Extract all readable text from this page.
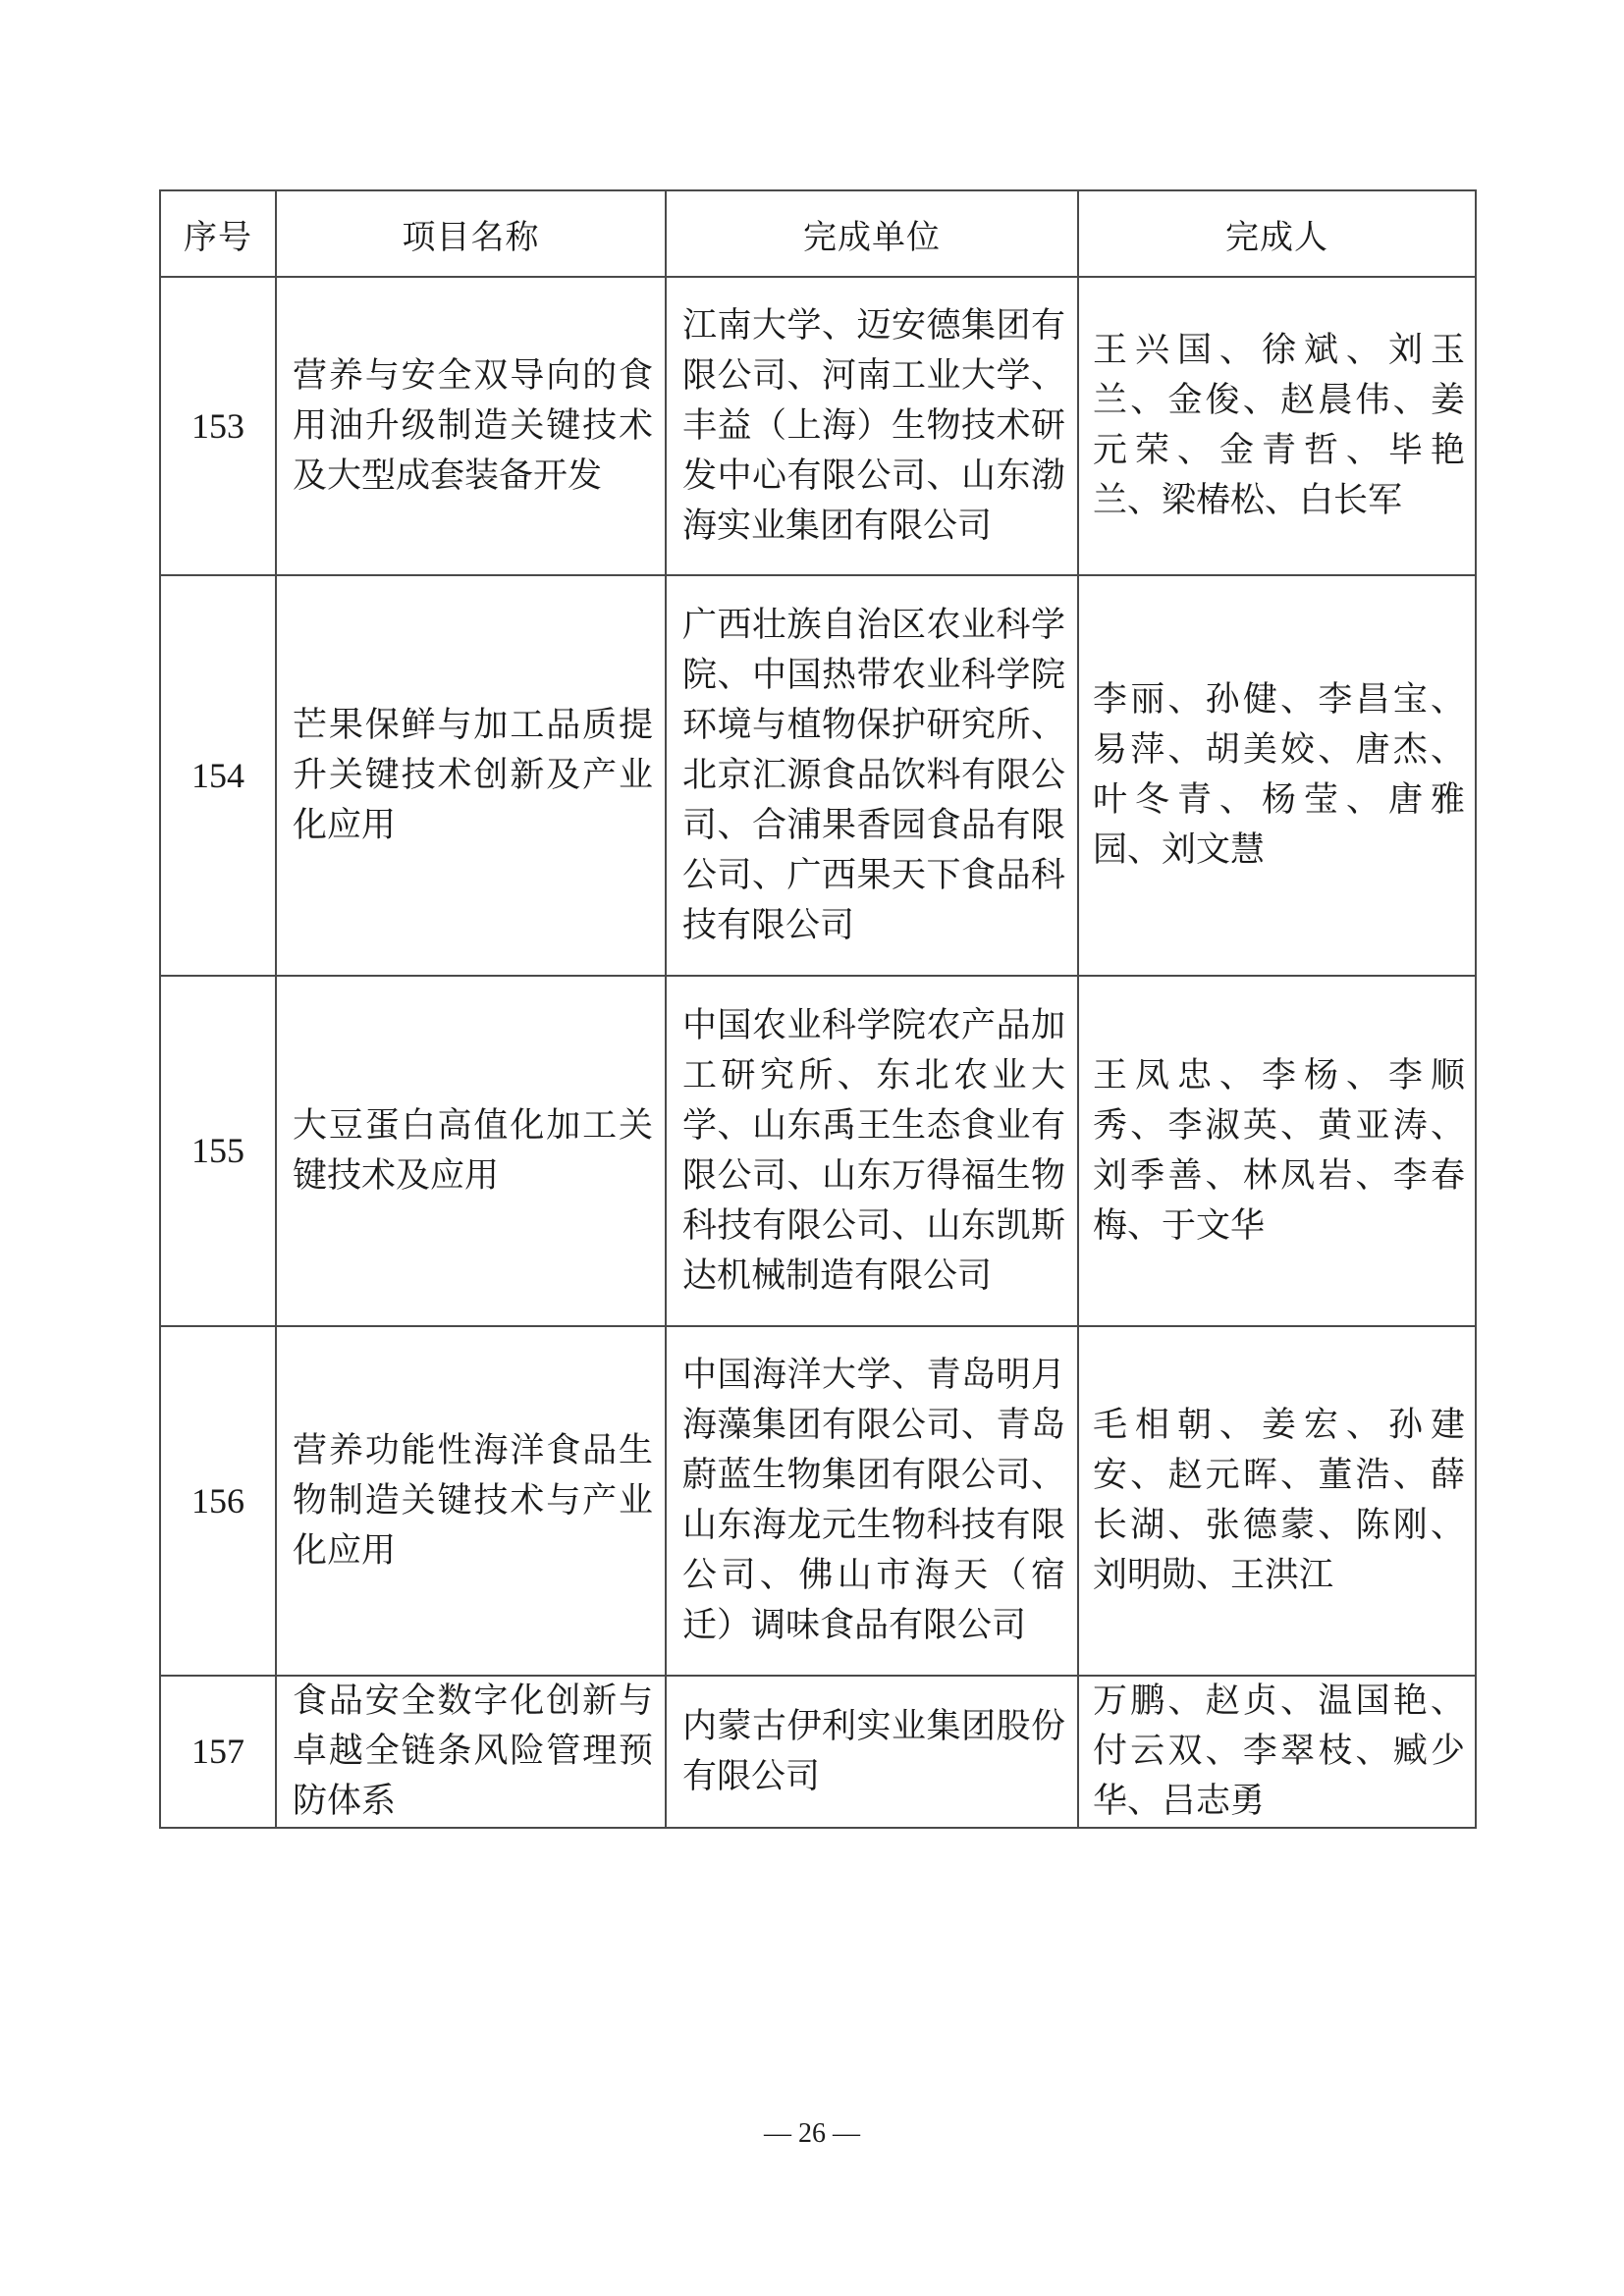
序号	项目名称	完成单位	完成人
153	营养与安全双导向的食用油升级制造关键技术及大型成套装备开发	江南大学、迈安德集团有限公司、河南工业大学、丰益（上海）生物技术研发中心有限公司、山东渤海实业集团有限公司	王兴国、徐斌、刘玉兰、金俊、赵晨伟、姜元荣、金青哲、毕艳兰、梁椿松、白长军

154	芒果保鲜与加工品质提升关键技术创新及产业化应用	广西壮族自治区农业科学院、中国热带农业科学院环境与植物保护研究所、北京汇源食品饮料有限公司、合浦果香园食品有限公司、广西果天下食品科技有限公司	李丽、孙健、李昌宝、易萍、胡美姣、唐杰、叶冬青、杨莹、唐雅园、刘文慧

155	大豆蛋白高值化加工关键技术及应用	中国农业科学院农产品加工研究所、东北农业大学、山东禹王生态食业有限公司、山东万得福生物科技有限公司、山东凯斯达机械制造有限公司	王凤忠、李杨、李顺秀、李淑英、黄亚涛、刘季善、林凤岩、李春梅、于文华

156	营养功能性海洋食品生物制造关键技术与产业化应用	中国海洋大学、青岛明月海藻集团有限公司、青岛蔚蓝生物集团有限公司、山东海龙元生物科技有限公司、佛山市海天（宿迁）调味食品有限公司	毛相朝、姜宏、孙建安、赵元晖、董浩、薛长湖、张德蒙、陈刚、刘明勋、王洪江

157	食品安全数字化创新与卓越全链条风险管理预防体系	内蒙古伊利实业集团股份有限公司	万鹏、赵贞、温国艳、付云双、李翠枝、臧少华、吕志勇
— 26 —
